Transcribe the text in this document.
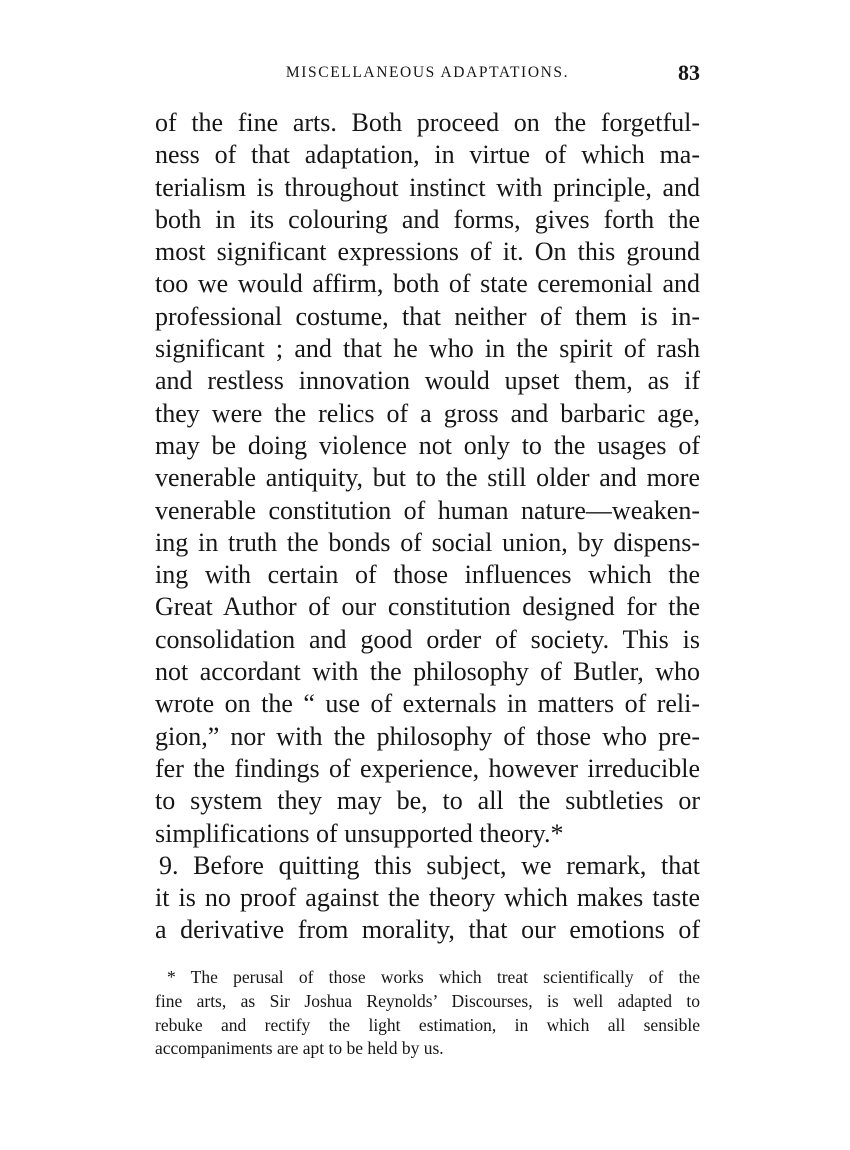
MISCELLANEOUS ADAPTATIONS.	83
of the fine arts. Both proceed on the forgetful-
ness of that adaptation, in virtue of which ma-
terialism is throughout instinct with principle, and
both in its colouring and forms, gives forth the
most significant expressions of it. On this ground
too we would affirm, both of state ceremonial and
professional costume, that neither of them is in-
significant ; and that he who in the spirit of rash
and restless innovation would upset them, as if
they were the relics of a gross and barbaric age,
may be doing violence not only to the usages of
venerable antiquity, but to the still older and more
venerable constitution of human nature—weaken-
ing in truth the bonds of social union, by dispens-
ing with certain of those influences which the
Great Author of our constitution designed for the
consolidation and good order of society. This is
not accordant with the philosophy of Butler, who
wrote on the “ use of externals in matters of reli-
gion,” nor with the philosophy of those who pre-
fer the findings of experience, however irreducible
to system they may be, to all the subtleties or
simplifications of unsupported theory.*
9. Before quitting this subject, we remark, that
it is no proof against the theory which makes taste
a derivative from morality, that our emotions of
* The perusal of those works which treat scientifically of the
fine arts, as Sir Joshua Reynolds’ Discourses, is well adapted to
rebuke and rectify the light estimation, in which all sensible
accompaniments are apt to be held by us.
